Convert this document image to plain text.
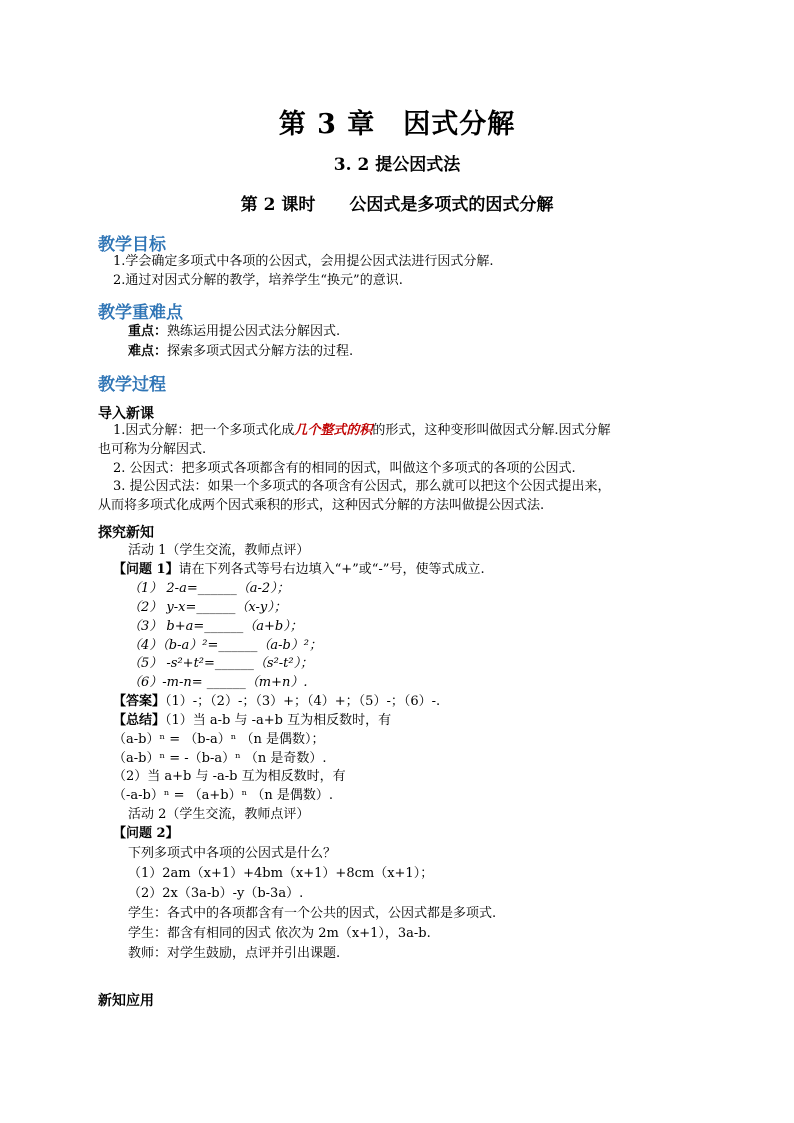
第 3 章　因式分解
3. 2 提公因式法
第 2 课时　　公因式是多项式的因式分解
教学目标
1.学会确定多项式中各项的公因式，会用提公因式法进行因式分解.
2.通过对因式分解的教学，培养学生“换元”的意识.
教学重难点
重点：熟练运用提公因式法分解因式.
难点：探索多项式因式分解方法的过程.
教学过程
导入新课
1.因式分解：把一个多项式化成几个整式的积的形式，这种变形叫做因式分解.因式分解
也可称为分解因式.
2. 公因式：把多项式各项都含有的相同的因式，叫做这个多项式的各项的公因式.
3. 提公因式法：如果一个多项式的各项含有公因式，那么就可以把这个公因式提出来，
从而将多项式化成两个因式乘积的形式，这种因式分解的方法叫做提公因式法.
探究新知
活动 1（学生交流，教师点评）
【问题 1】请在下列各式等号右边填入“+”或“-”号，使等式成立.
（1） 2-a=______（a-2）；
（2） y-x=______（x-y）；
（3） b+a=______（a+b）；
（4）（b-a）²=______（a-b）²；
（5） -s²+t²=______（s²-t²）；
（6）-m-n= ______（m+n）.
【答案】（1）-；（2）-；（3）+；（4）+；（5）-；（6）-.
【总结】（1）当 a-b 与 -a+b 互为相反数时，有
（a-b）ⁿ = （b-a）ⁿ （n 是偶数）；
（a-b）ⁿ = -（b-a）ⁿ （n 是奇数）.
（2）当 a+b 与 -a-b 互为相反数时，有
（-a-b）ⁿ = （a+b）ⁿ （n 是偶数）.
活动 2（学生交流，教师点评）
【问题 2】
下列多项式中各项的公因式是什么？
（1）2am（x+1）+4bm（x+1）+8cm（x+1）；
（2）2x（3a-b）-y（b-3a）.
学生：各式中的各项都含有一个公共的因式，公因式都是多项式.
学生：都含有相同的因式 依次为 2m（x+1），3a-b.
教师：对学生鼓励，点评并引出课题.
新知应用
